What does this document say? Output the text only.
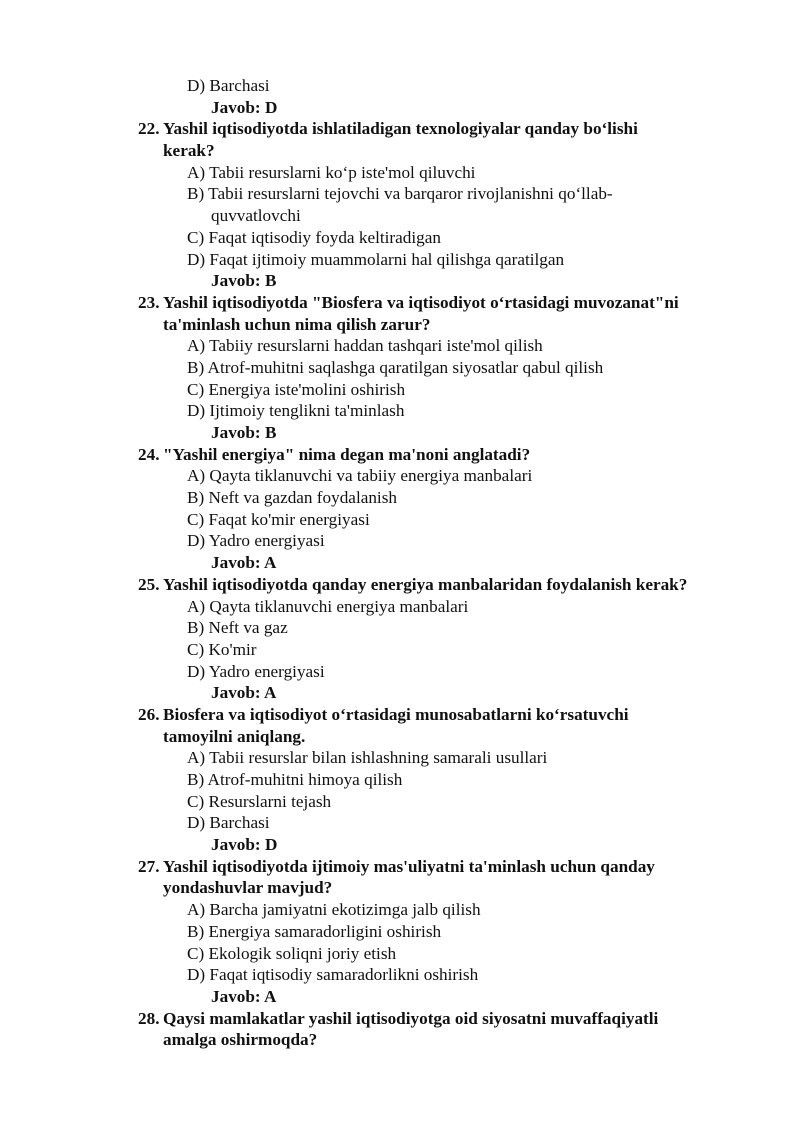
D) Barchasi
Javob: D
22. Yashil iqtisodiyotda ishlatiladigan texnologiyalar qanday bo‘lishi
kerak?
A) Tabii resurslarni ko‘p iste'mol qiluvchi
B) Tabii resurslarni tejovchi va barqaror rivojlanishni qo‘llab-
quvvatlovchi
C) Faqat iqtisodiy foyda keltiradigan
D) Faqat ijtimoiy muammolarni hal qilishga qaratilgan
Javob: B
23. Yashil iqtisodiyotda "Biosfera va iqtisodiyot o‘rtasidagi muvozanat"ni
ta'minlash uchun nima qilish zarur?
A) Tabiiy resurslarni haddan tashqari iste'mol qilish
B) Atrof-muhitni saqlashga qaratilgan siyosatlar qabul qilish
C) Energiya iste'molini oshirish
D) Ijtimoiy tenglikni ta'minlash
Javob: B
24. "Yashil energiya" nima degan ma'noni anglatadi?
A) Qayta tiklanuvchi va tabiiy energiya manbalari
B) Neft va gazdan foydalanish
C) Faqat ko'mir energiyasi
D) Yadro energiyasi
Javob: A
25. Yashil iqtisodiyotda qanday energiya manbalaridan foydalanish kerak?
A) Qayta tiklanuvchi energiya manbalari
B) Neft va gaz
C) Ko'mir
D) Yadro energiyasi
Javob: A
26. Biosfera va iqtisodiyot o‘rtasidagi munosabatlarni ko‘rsatuvchi
tamoyilni aniqlang.
A) Tabii resurslar bilan ishlashning samarali usullari
B) Atrof-muhitni himoya qilish
C) Resurslarni tejash
D) Barchasi
Javob: D
27. Yashil iqtisodiyotda ijtimoiy mas'uliyatni ta'minlash uchun qanday
yondashuvlar mavjud?
A) Barcha jamiyatni ekotizimga jalb qilish
B) Energiya samaradorligini oshirish
C) Ekologik soliqni joriy etish
D) Faqat iqtisodiy samaradorlikni oshirish
Javob: A
28. Qaysi mamlakatlar yashil iqtisodiyotga oid siyosatni muvaffaqiyatli
amalga oshirmoqda?
